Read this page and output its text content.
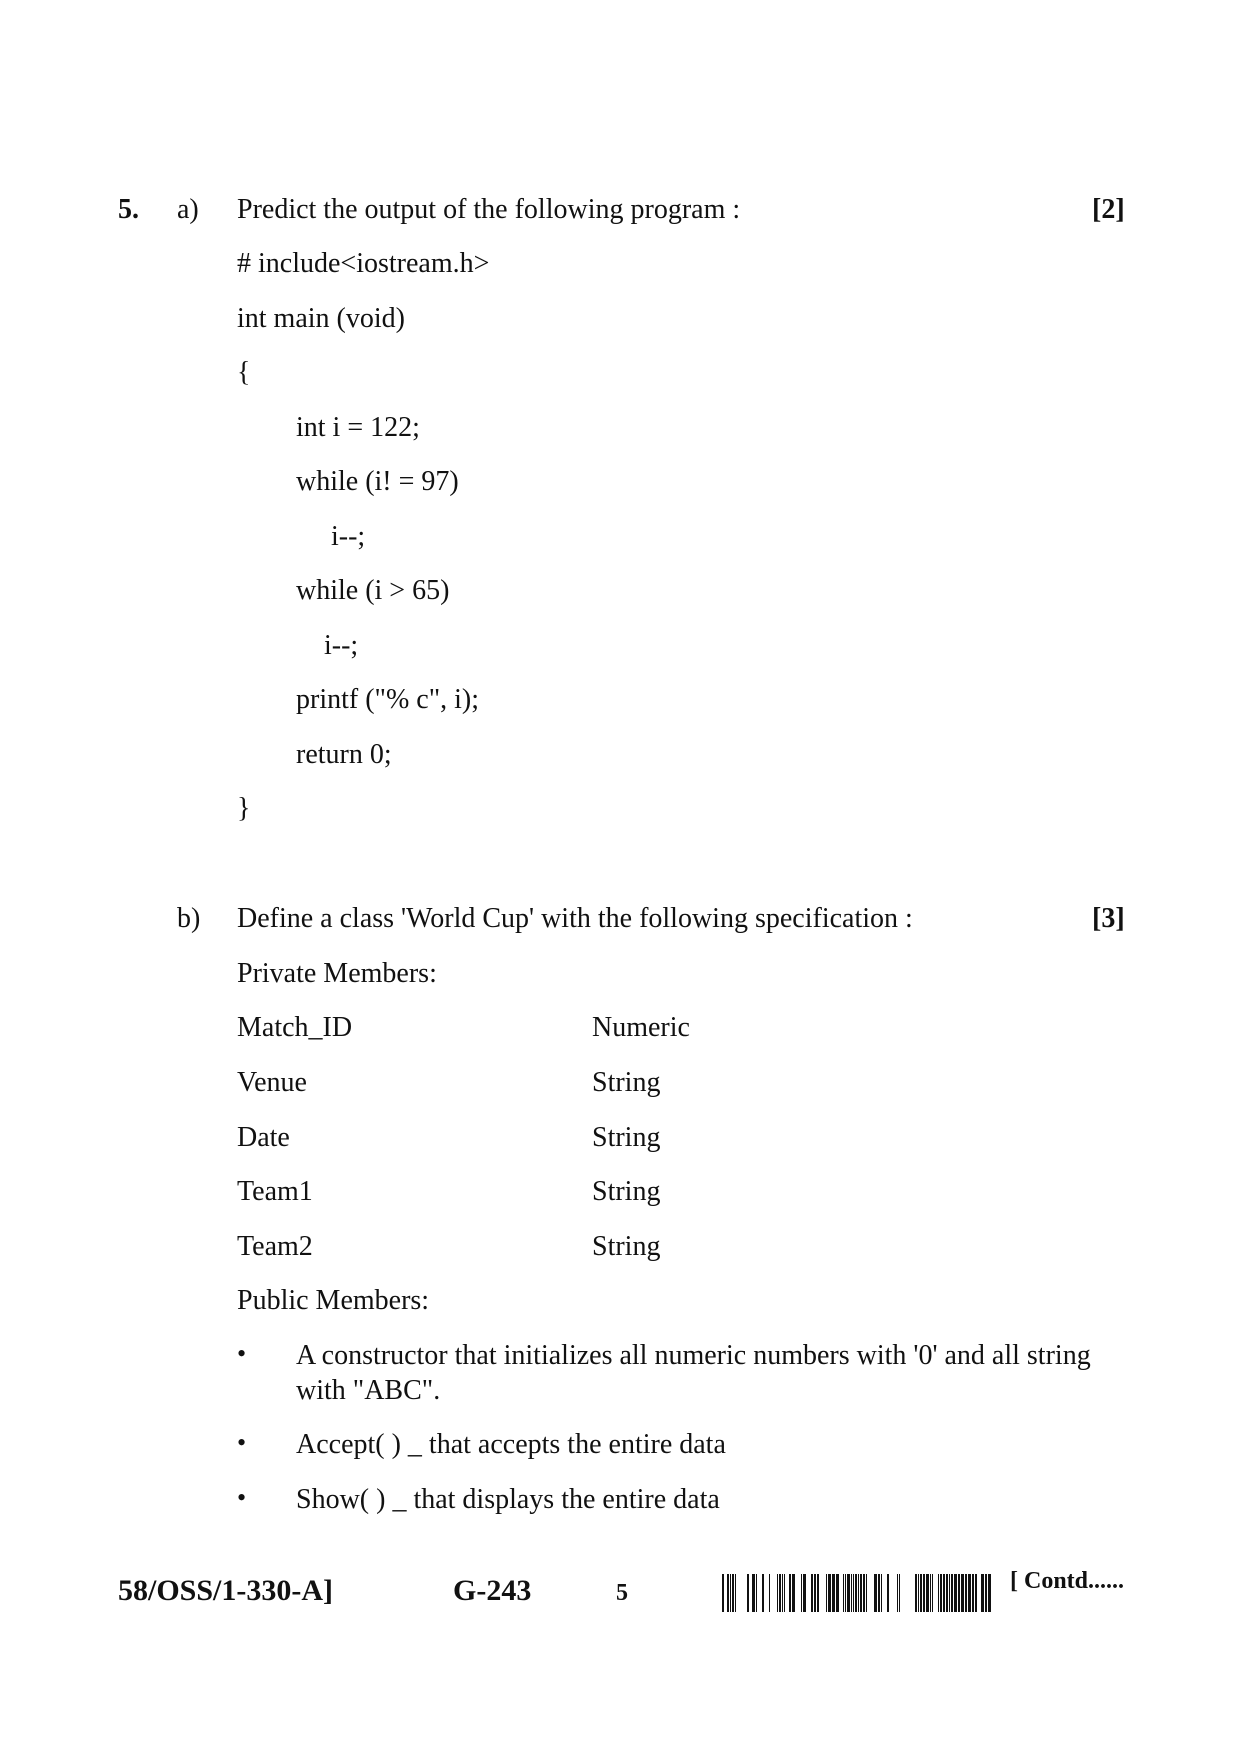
5. a) Predict the output of the following program :	[2]
# include<iostream.h>
int main (void)
{
int i = 122;
while (i! = 97)
i--;
while (i > 65)
i--;
printf ("% c", i);
return 0;
}
b) Define a class 'World Cup' with the following specification :	[3]
Private Members:
Match_ID	Numeric
Venue	String
Date	String
Team1	String
Team2	String
Public Members:
• A constructor that initializes all numeric numbers with '0' and all string
with "ABC".
• Accept( ) _ that accepts the entire data
• Show( ) _ that displays the entire data
58/OSS/1-330-A]	G-243	5	[ Contd......
